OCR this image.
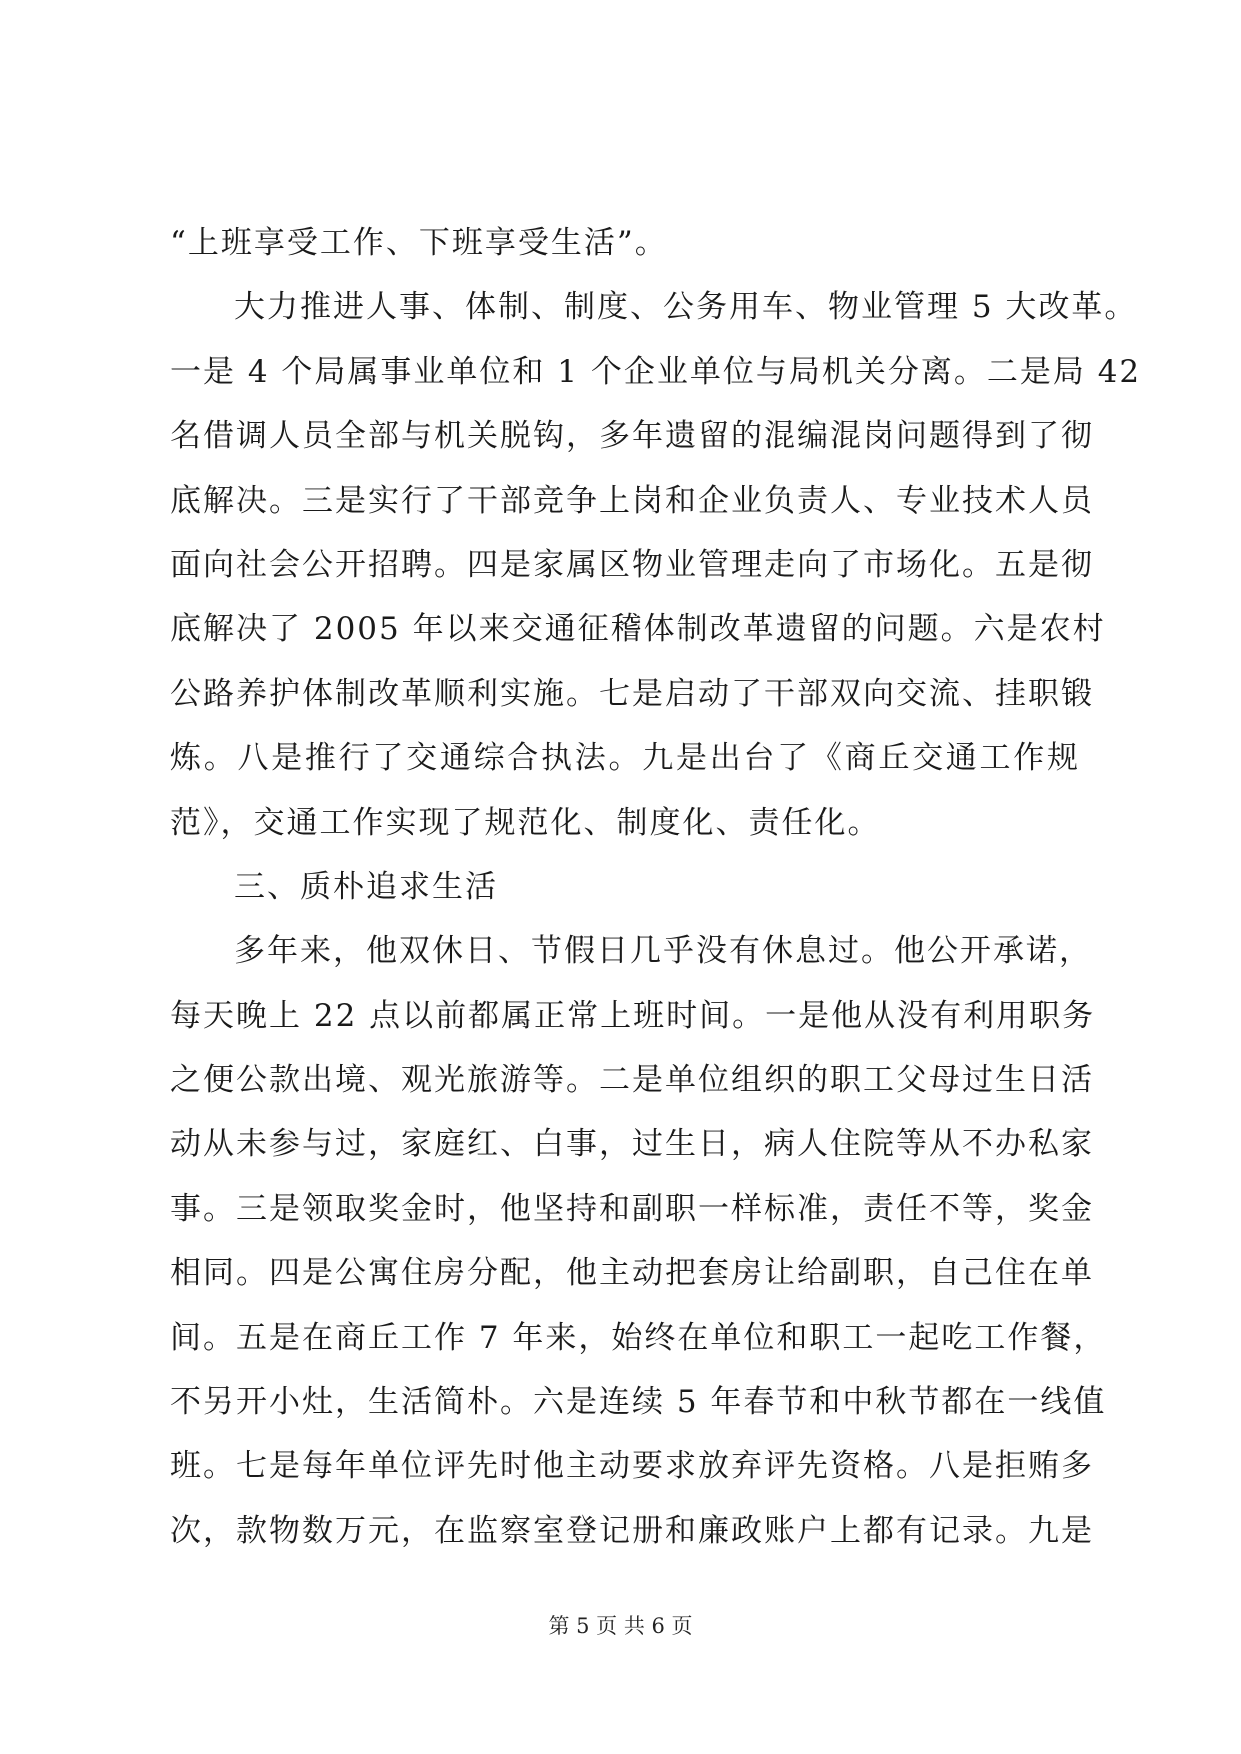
“上班享受工作、下班享受生活”。
大力推进人事、体制、制度、公务用车、物业管理 5 大改革。
一是 4 个局属事业单位和 1 个企业单位与局机关分离。二是局 42
名借调人员全部与机关脱钩，多年遗留的混编混岗问题得到了彻
底解决。三是实行了干部竞争上岗和企业负责人、专业技术人员
面向社会公开招聘。四是家属区物业管理走向了市场化。五是彻
底解决了 2005 年以来交通征稽体制改革遗留的问题。六是农村
公路养护体制改革顺利实施。七是启动了干部双向交流、挂职锻
炼。八是推行了交通综合执法。九是出台了《商丘交通工作规
范》，交通工作实现了规范化、制度化、责任化。
三、质朴追求生活
多年来，他双休日、节假日几乎没有休息过。他公开承诺，
每天晚上 22 点以前都属正常上班时间。一是他从没有利用职务
之便公款出境、观光旅游等。二是单位组织的职工父母过生日活
动从未参与过，家庭红、白事，过生日，病人住院等从不办私家
事。三是领取奖金时，他坚持和副职一样标准，责任不等，奖金
相同。四是公寓住房分配，他主动把套房让给副职，自己住在单
间。五是在商丘工作 7 年来，始终在单位和职工一起吃工作餐，
不另开小灶，生活简朴。六是连续 5 年春节和中秋节都在一线值
班。七是每年单位评先时他主动要求放弃评先资格。八是拒贿多
次，款物数万元，在监察室登记册和廉政账户上都有记录。九是
第 5 页 共 6 页
